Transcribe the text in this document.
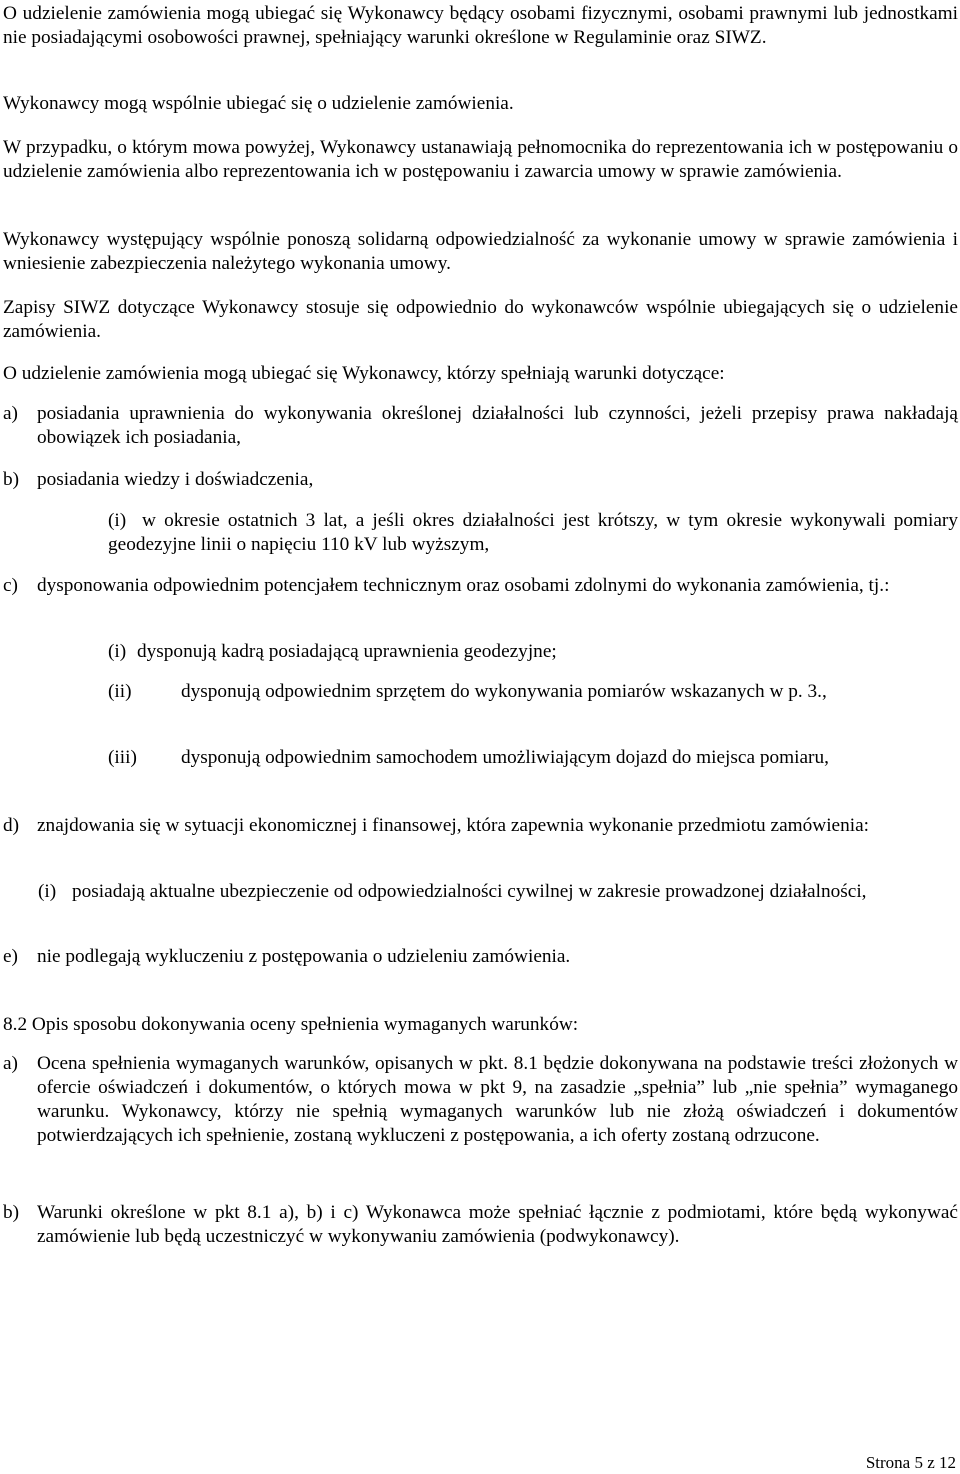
O udzielenie zamówienia mogą ubiegać się Wykonawcy będący osobami fizycznymi, osobami prawnymi lub jednostkami nie posiadającymi osobowości prawnej, spełniający warunki określone w Regulaminie oraz SIWZ.

Wykonawcy mogą wspólnie ubiegać się o udzielenie zamówienia.

W przypadku, o którym mowa powyżej, Wykonawcy ustanawiają pełnomocnika do reprezentowania ich w postępowaniu o udzielenie zamówienia albo reprezentowania ich w postępowaniu i zawarcia umowy w sprawie zamówienia.

Wykonawcy występujący wspólnie ponoszą solidarną odpowiedzialność za wykonanie umowy w sprawie zamówienia i wniesienie zabezpieczenia należytego wykonania umowy.

Zapisy SIWZ dotyczące Wykonawcy stosuje się odpowiednio do wykonawców wspólnie ubiegających się o udzielenie zamówienia.

O udzielenie zamówienia mogą ubiegać się Wykonawcy, którzy spełniają warunki dotyczące:

a) posiadania uprawnienia do wykonywania określonej działalności lub czynności, jeżeli przepisy prawa nakładają obowiązek ich posiadania,
b) posiadania wiedzy i doświadczenia,
(i) w okresie ostatnich 3 lat, a jeśli okres działalności jest krótszy, w tym okresie wykonywali pomiary geodezyjne linii o napięciu 110 kV lub wyższym,
c) dysponowania odpowiednim potencjałem technicznym oraz osobami zdolnymi do wykonania zamówienia, tj.:
(i) dysponują kadrą posiadającą uprawnienia geodezyjne;
(ii)	dysponują odpowiednim sprzętem do wykonywania pomiarów wskazanych w p. 3.,
(iii) dysponują odpowiednim samochodem umożliwiającym dojazd do miejsca pomiaru,
d) znajdowania się w sytuacji ekonomicznej i finansowej, która zapewnia wykonanie przedmiotu zamówienia:
(i) posiadają aktualne ubezpieczenie od odpowiedzialności cywilnej w zakresie prowadzonej działalności,
e) nie podlegają wykluczeniu z postępowania o udzieleniu zamówienia.

8.2 Opis sposobu dokonywania oceny spełnienia wymaganych warunków:

a) Ocena spełnienia wymaganych warunków, opisanych w pkt. 8.1 będzie dokonywana na podstawie treści złożonych w ofercie oświadczeń i dokumentów, o których mowa w pkt 9, na zasadzie „spełnia” lub „nie spełnia” wymaganego warunku. Wykonawcy, którzy nie spełnią wymaganych warunków lub nie złożą oświadczeń i dokumentów potwierdzających ich spełnienie, zostaną wykluczeni z postępowania, a ich oferty zostaną odrzucone.
b) Warunki określone w pkt 8.1 a), b) i c) Wykonawca może spełniać łącznie z podmiotami, które będą wykonywać zamówienie lub będą uczestniczyć w wykonywaniu zamówienia (podwykonawcy).
Strona 5 z 12
